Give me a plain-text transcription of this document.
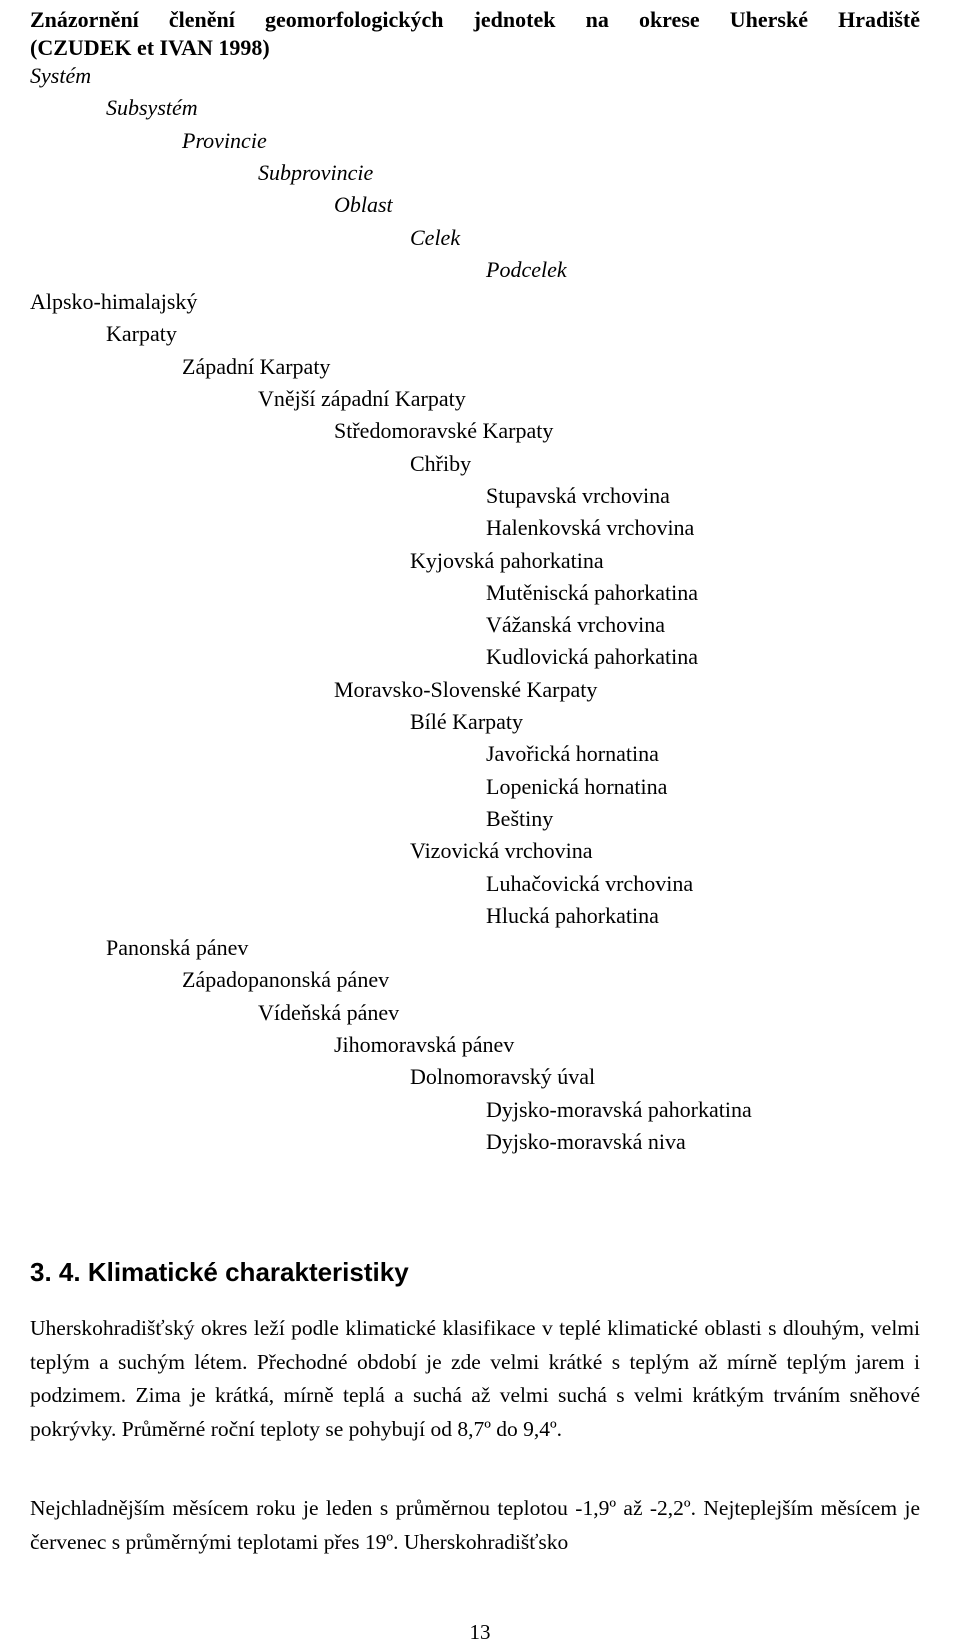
Znázornění členění geomorfologických jednotek na okrese Uherské Hradiště
(CZUDEK et IVAN 1998)
Systém
Subsystém
Provincie
Subprovincie
Oblast
Celek
Podcelek
Alpsko-himalajský
Karpaty
Západní Karpaty
Vnější západní Karpaty
Středomoravské Karpaty
Chřiby
Stupavská vrchovina
Halenkovská vrchovina
Kyjovská pahorkatina
Mutěniscká pahorkatina
Vážanská vrchovina
Kudlovická pahorkatina
Moravsko-Slovenské Karpaty
Bílé Karpaty
Javořická hornatina
Lopenická hornatina
Beštiny
Vizovická vrchovina
Luhačovická vrchovina
Hlucká pahorkatina
Panonská pánev
Západopanonská pánev
Vídeňská pánev
Jihomoravská pánev
Dolnomoravský úval
Dyjsko-moravská pahorkatina
Dyjsko-moravská niva
3. 4. Klimatické charakteristiky
Uherskohradišťský okres leží podle klimatické klasifikace v teplé klimatické oblasti s dlouhým, velmi teplým a suchým létem. Přechodné období je zde velmi krátké s teplým až mírně teplým jarem i podzimem. Zima je krátká, mírně teplá a suchá až velmi suchá s velmi krátkým trváním sněhové pokrývky. Průměrné roční teploty se pohybují od 8,7º do 9,4º.
Nejchladnějším měsícem roku je leden s průměrnou teplotou -1,9º až -2,2º. Nejteplejším měsícem je červenec s průměrnými teplotami přes 19º. Uherskohradišťsko
13
